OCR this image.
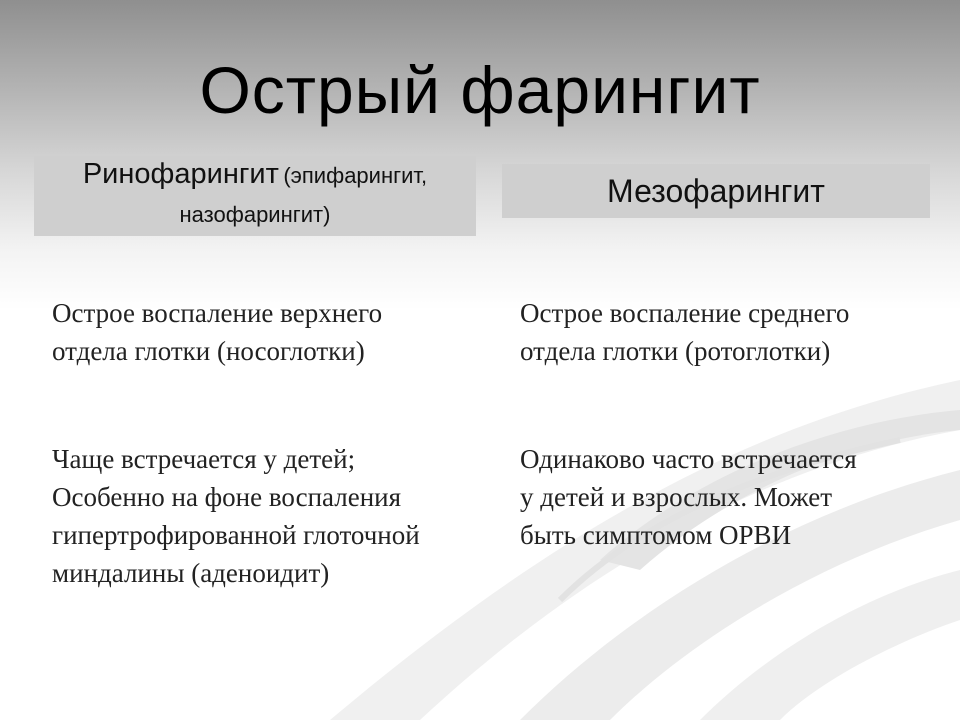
Острый фарингит
Ринофарингит (эпифарингит,
назофарингит)
Мезофарингит

Острое воспаление верхнего
отдела глотки (носоглотки)

Острое воспаление среднего
отдела глотки (ротоглотки)

Чаще встречается у детей;
Особенно на фоне воспаления
гипертрофированной глоточной
миндалины (аденоидит)

Одинаково часто встречается
у детей и взрослых. Может
быть симптомом ОРВИ
